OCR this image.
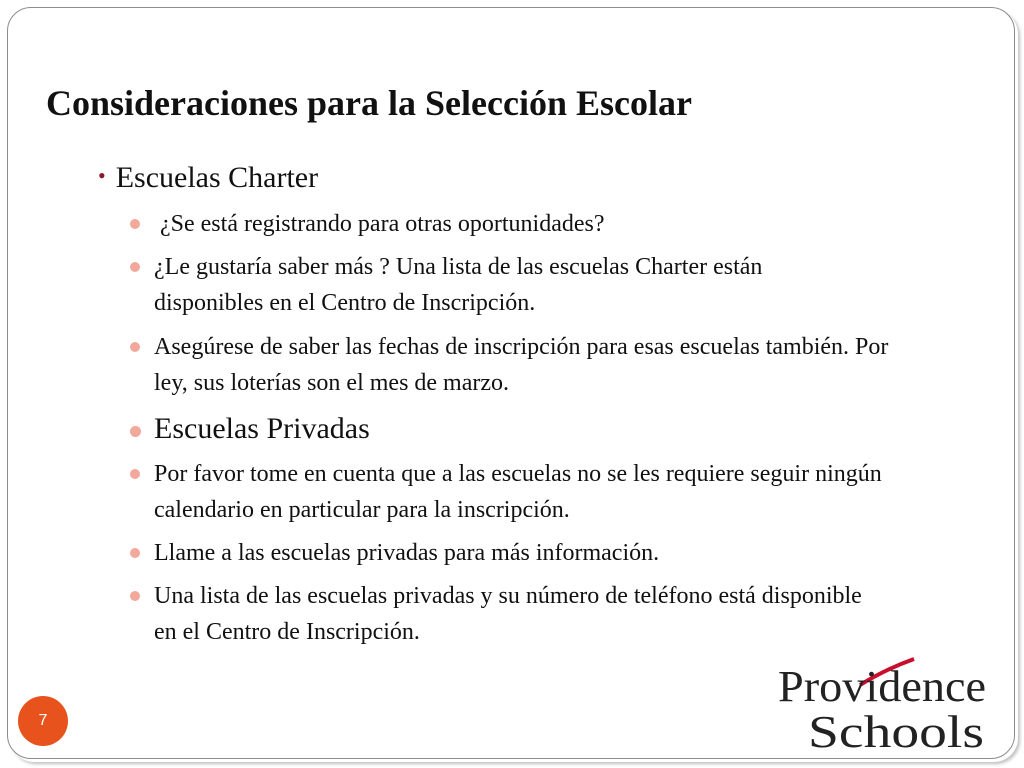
Consideraciones para la Selección Escolar
• Escuelas Charter
¿Se está registrando para otras oportunidades?
¿Le gustaría saber más ? Una lista de las escuelas Charter están disponibles en el Centro de Inscripción.
Asegúrese de saber las fechas de inscripción para esas escuelas también. Por ley, sus loterías son el mes de marzo.
Escuelas Privadas
Por favor tome en cuenta que a las escuelas no se les requiere seguir ningún calendario en particular para la inscripción.
Llame a las escuelas privadas para más información.
Una lista de las escuelas privadas y su número de teléfono está disponible en el Centro de Inscripción.
7
Providence
Schools
